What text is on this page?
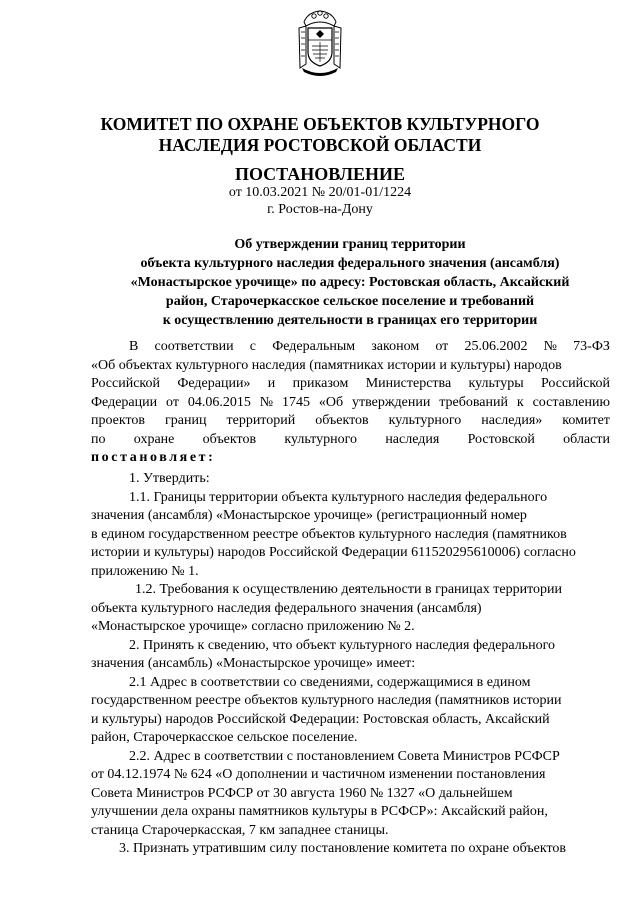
КОМИТЕТ ПО ОХРАНЕ ОБЪЕКТОВ КУЛЬТУРНОГО
НАСЛЕДИЯ РОСТОВСКОЙ ОБЛАСТИ
ПОСТАНОВЛЕНИЕ
от 10.03.2021 № 20/01-01/1224
г. Ростов-на-Дону
Об утверждении границ территории
объекта культурного наследия федерального значения (ансамбля)
«Монастырское урочище» по адресу: Ростовская область, Аксайский
район, Старочеркасское сельское поселение и требований
к осуществлению деятельности в границах его территории
В соответствии с Федеральным законом от 25.06.2002 № 73-ФЗ
«Об объектах культурного наследия (памятниках истории и культуры) народов
Российской Федерации» и приказом Министерства культуры Российской
Федерации от 04.06.2015 № 1745 «Об утверждении требований к составлению
проектов границ территорий объектов культурного наследия» комитет
по охране объектов культурного наследия Ростовской области
постановляет:
1. Утвердить:
1.1. Границы территории объекта культурного наследия федерального
значения (ансамбля) «Монастырское урочище» (регистрационный номер
в едином государственном реестре объектов культурного наследия (памятников
истории и культуры) народов Российской Федерации 611520295610006) согласно
приложению № 1.
1.2. Требования к осуществлению деятельности в границах территории
объекта культурного наследия федерального значения (ансамбля)
«Монастырское урочище» согласно приложению № 2.
2. Принять к сведению, что объект культурного наследия федерального
значения (ансамбль) «Монастырское урочище» имеет:
2.1 Адрес в соответствии со сведениями, содержащимися в едином
государственном реестре объектов культурного наследия (памятников истории
и культуры) народов Российской Федерации: Ростовская область, Аксайский
район, Старочеркасское сельское поселение.
2.2. Адрес в соответствии с постановлением Совета Министров РСФСР
от 04.12.1974 № 624 «О дополнении и частичном изменении постановления
Совета Министров РСФСР от 30 августа 1960 № 1327 «О дальнейшем
улучшении дела охраны памятников культуры в РСФСР»: Аксайский район,
станица Старочеркасская, 7 км западнее станицы.
3. Признать утратившим силу постановление комитета по охране объектов
